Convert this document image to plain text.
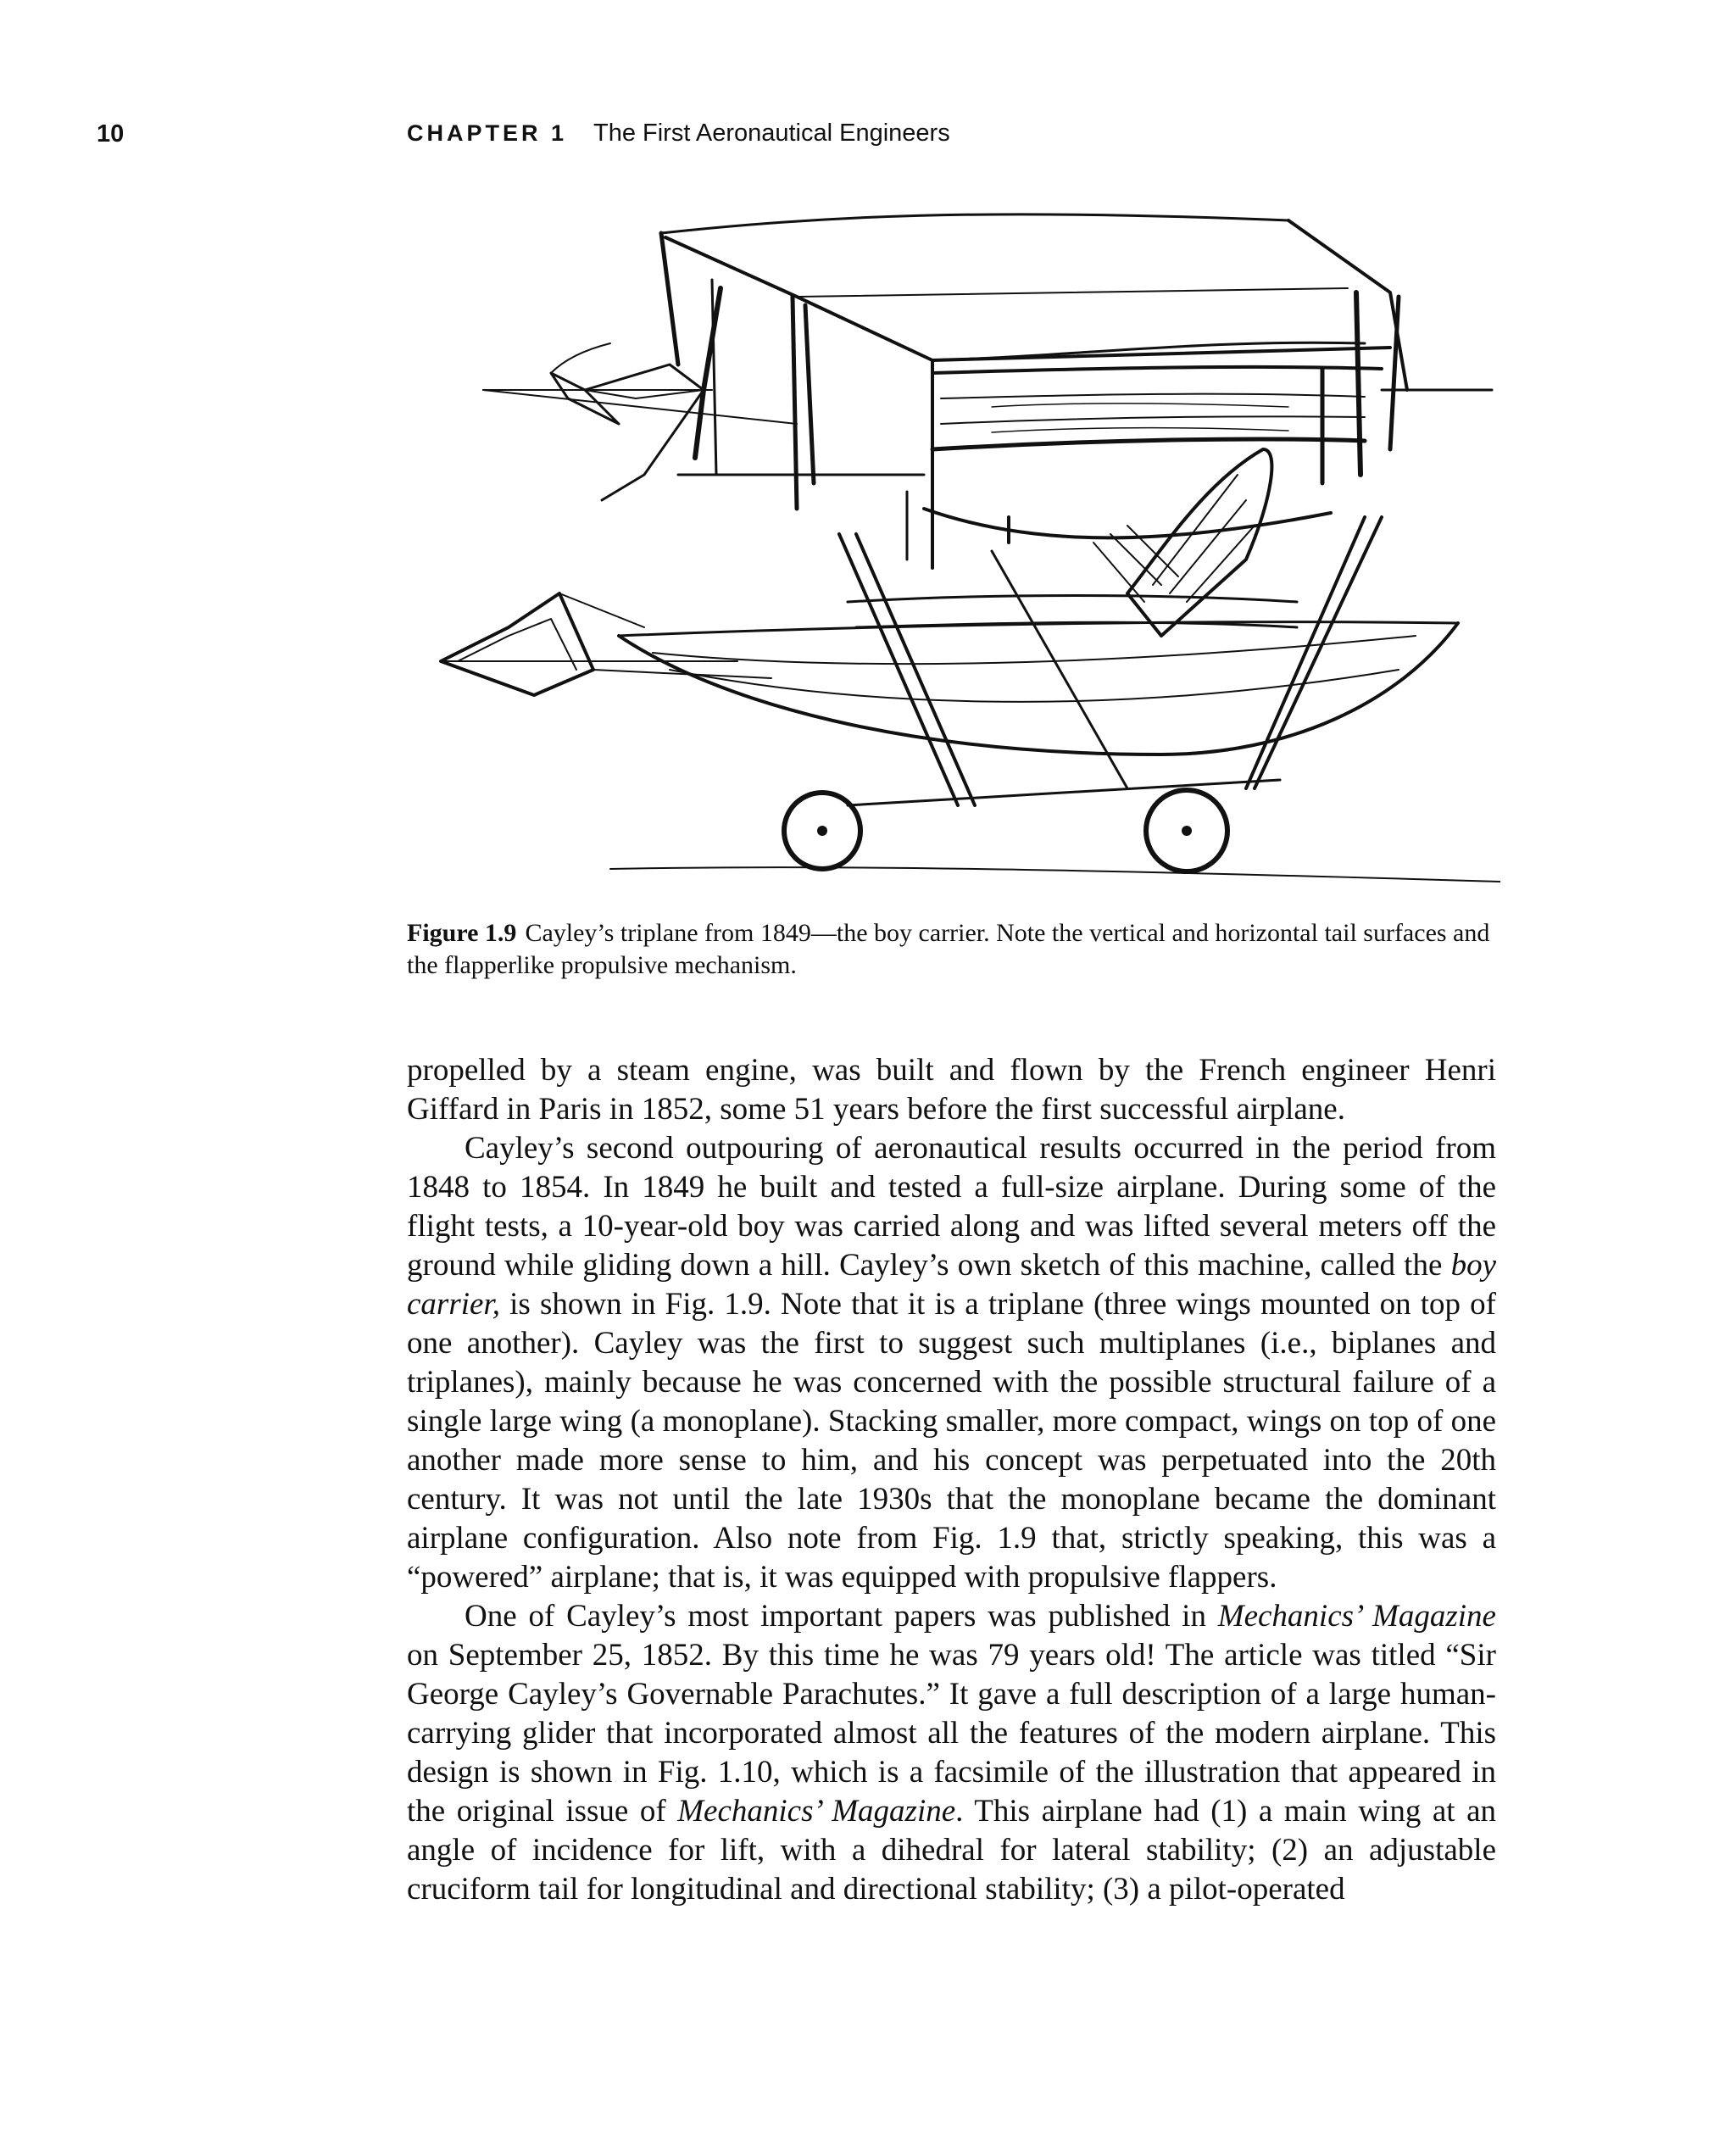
10	CHAPTER 1 The First Aeronautical Engineers
Figure 1.9 Cayley’s triplane from 1849—the boy carrier. Note the vertical and horizontal tail surfaces and the flapperlike propulsive mechanism.

propelled by a steam engine, was built and flown by the French engineer Henri Giffard in Paris in 1852, some 51 years before the first successful airplane.

Cayley’s second outpouring of aeronautical results occurred in the period from 1848 to 1854. In 1849 he built and tested a full-size airplane. During some of the flight tests, a 10-year-old boy was carried along and was lifted several meters off the ground while gliding down a hill. Cayley’s own sketch of this machine, called the boy carrier, is shown in Fig. 1.9. Note that it is a triplane (three wings mounted on top of one another). Cayley was the first to suggest such multiplanes (i.e., biplanes and triplanes), mainly because he was concerned with the possible structural failure of a single large wing (a monoplane). Stacking smaller, more compact, wings on top of one another made more sense to him, and his concept was perpetuated into the 20th century. It was not until the late 1930s that the monoplane became the dominant airplane configuration. Also note from Fig. 1.9 that, strictly speaking, this was a “powered” airplane; that is, it was equipped with propulsive flappers.

One of Cayley’s most important papers was published in Mechanics’ Magazine on September 25, 1852. By this time he was 79 years old! The article was titled “Sir George Cayley’s Governable Parachutes.” It gave a full description of a large human-carrying glider that incorporated almost all the features of the modern airplane. This design is shown in Fig. 1.10, which is a facsimile of the illustration that appeared in the original issue of Mechanics’ Magazine. This airplane had (1) a main wing at an angle of incidence for lift, with a dihedral for lateral stability; (2) an adjustable cruciform tail for longitudinal and directional stability; (3) a pilot-operated
